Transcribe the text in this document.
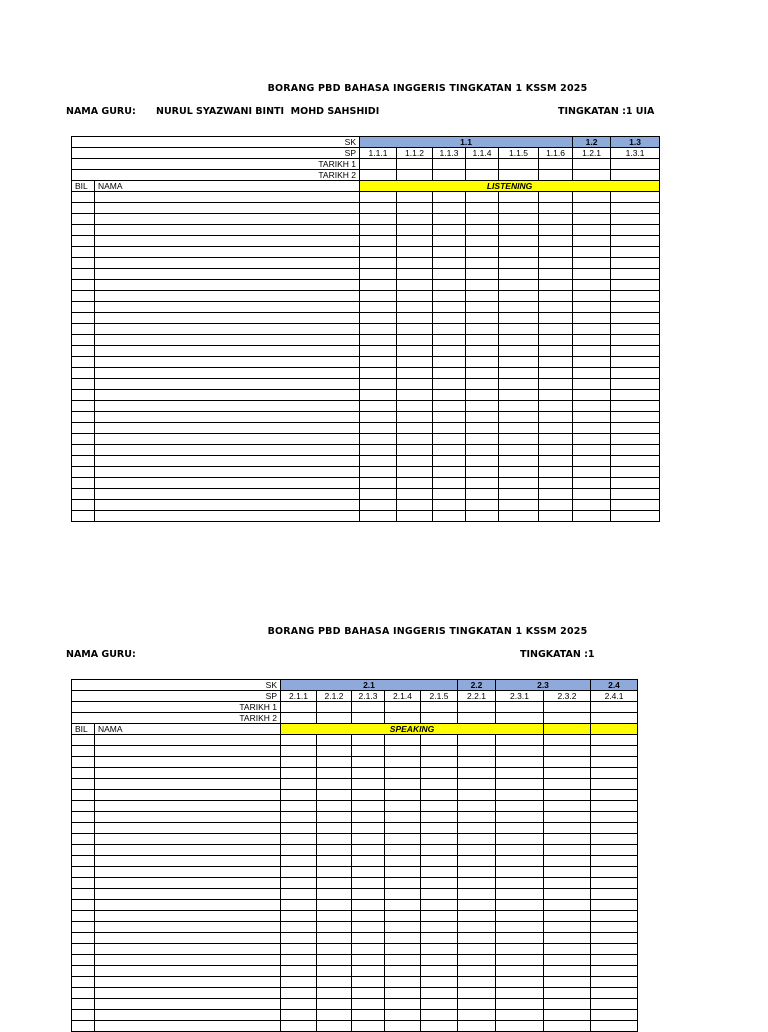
BORANG PBD BAHASA INGGERIS TINGKATAN 1 KSSM 2025
NAMA GURU: NURUL SYAZWANI BINTI  MOHD SAHSHIDI	TINGKATAN :1 UIA
SK		1.1						1.2	1.3
SP		1.1.1	1.1.2	1.1.3	1.1.4	1.1.5	1.1.6	1.2.1	1.3.1
TARIKH 1									
TARIKH 2									
BIL	NAMA	LISTENING							

BORANG PBD BAHASA INGGERIS TINGKATAN 1 KSSM 2025
NAMA GURU:	TINGKATAN :1
SK		2.1					2.2	2.3		2.4
SP		2.1.1	2.1.2	2.1.3	2.1.4	2.1.5	2.2.1	2.3.1	2.3.2	2.4.1
TARIKH 1										
TARIKH 2										
BIL	NAMA	SPEAKING								
